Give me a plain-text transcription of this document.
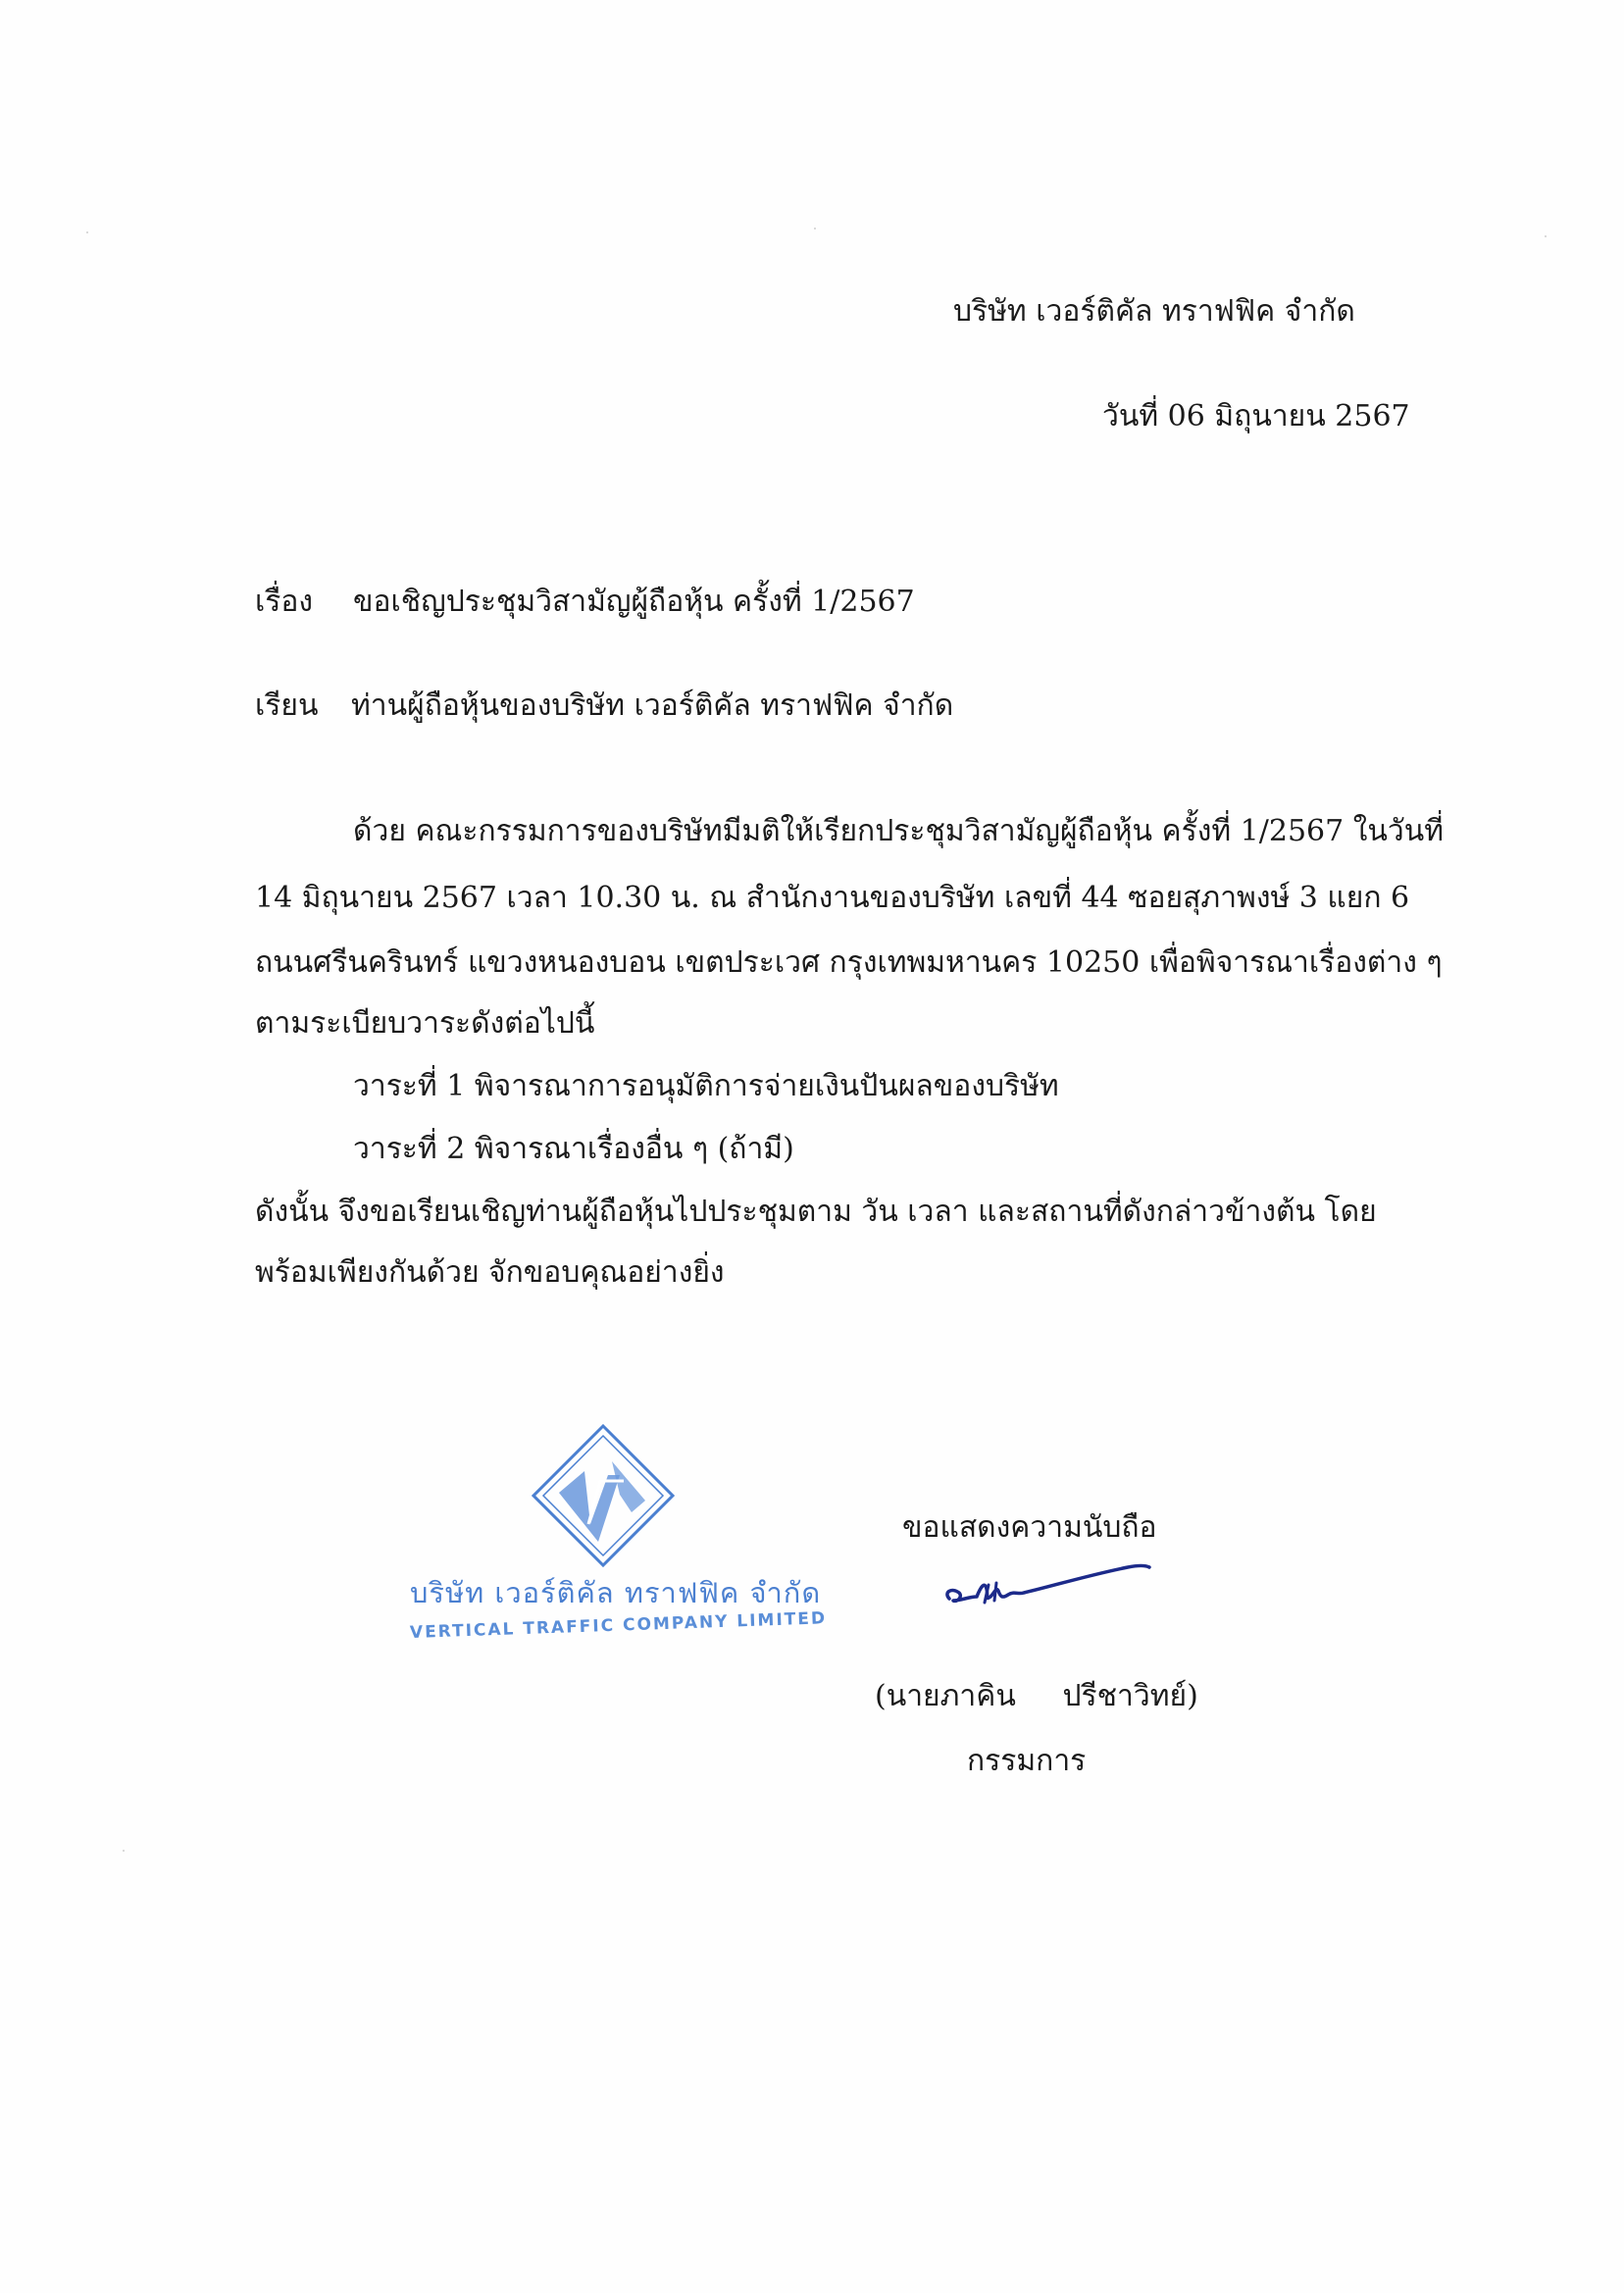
บริษัท เวอร์ติคัล ทราฟฟิค จำกัด
วันที่ 06 มิถุนายน 2567
เรื่อง ขอเชิญประชุมวิสามัญผู้ถือหุ้น ครั้งที่ 1/2567
เรียน ท่านผู้ถือหุ้นของบริษัท เวอร์ติคัล ทราฟฟิค จำกัด
ด้วย คณะกรรมการของบริษัทมีมติให้เรียกประชุมวิสามัญผู้ถือหุ้น ครั้งที่ 1/2567 ในวันที่
14 มิถุนายน 2567 เวลา 10.30 น. ณ สำนักงานของบริษัท เลขที่ 44 ซอยสุภาพงษ์ 3 แยก 6
ถนนศรีนครินทร์ แขวงหนองบอน เขตประเวศ กรุงเทพมหานคร 10250 เพื่อพิจารณาเรื่องต่าง ๆ
ตามระเบียบวาระดังต่อไปนี้
วาระที่ 1 พิจารณาการอนุมัติการจ่ายเงินปันผลของบริษัท
วาระที่ 2 พิจารณาเรื่องอื่น ๆ (ถ้ามี)
ดังนั้น จึงขอเรียนเชิญท่านผู้ถือหุ้นไปประชุมตาม วัน เวลา และสถานที่ดังกล่าวข้างต้น โดย
พร้อมเพียงกันด้วย จักขอบคุณอย่างยิ่ง
บริษัท เวอร์ติคัล ทราฟฟิค จำกัด
VERTICAL TRAFFIC COMPANY LIMITED
ขอแสดงความนับถือ
(นายภาคิน     ปรีชาวิทย์)
กรรมการ
